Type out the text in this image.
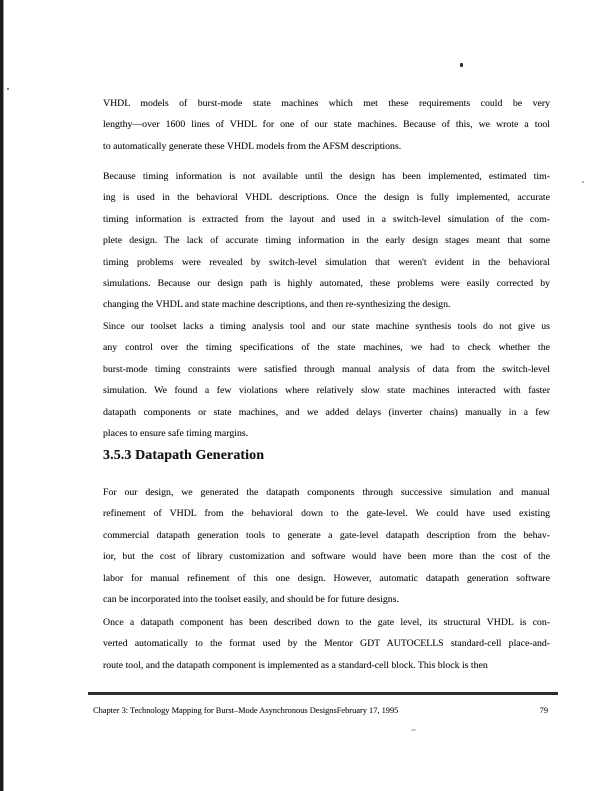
VHDL models of burst-mode state machines which met these requirements could be very
lengthy—over 1600 lines of VHDL for one of our state machines. Because of this, we wrote a tool
to automatically generate these VHDL models from the AFSM descriptions.
Because timing information is not available until the design has been implemented, estimated tim-
ing is used in the behavioral VHDL descriptions. Once the design is fully implemented, accurate
timing information is extracted from the layout and used in a switch-level simulation of the com-
plete design. The lack of accurate timing information in the early design stages meant that some
timing problems were revealed by switch-level simulation that weren't evident in the behavioral
simulations. Because our design path is highly automated, these problems were easily corrected by
changing the VHDL and state machine descriptions, and then re-synthesizing the design.
Since our toolset lacks a timing analysis tool and our state machine synthesis tools do not give us
any control over the timing specifications of the state machines, we had to check whether the
burst-mode timing constraints were satisfied through manual analysis of data from the switch-level
simulation. We found a few violations where relatively slow state machines interacted with faster
datapath components or state machines, and we added delays (inverter chains) manually in a few
places to ensure safe timing margins.
For our design, we generated the datapath components through successive simulation and manual
refinement of VHDL from the behavioral down to the gate-level. We could have used existing
commercial datapath generation tools to generate a gate-level datapath description from the behav-
ior, but the cost of library customization and software would have been more than the cost of the
labor for manual refinement of this one design. However, automatic datapath generation software
can be incorporated into the toolset easily, and should be for future designs.
Once a datapath component has been described down to the gate level, its structural VHDL is con-
verted automatically to the format used by the Mentor GDT AUTOCELLS standard-cell place-and-
route tool, and the datapath component is implemented as a standard-cell block. This block is then
3.5.3 Datapath Generation
Chapter 3: Technology Mapping for Burst–Mode Asynchronous DesignsFebruary 17, 1995	79
